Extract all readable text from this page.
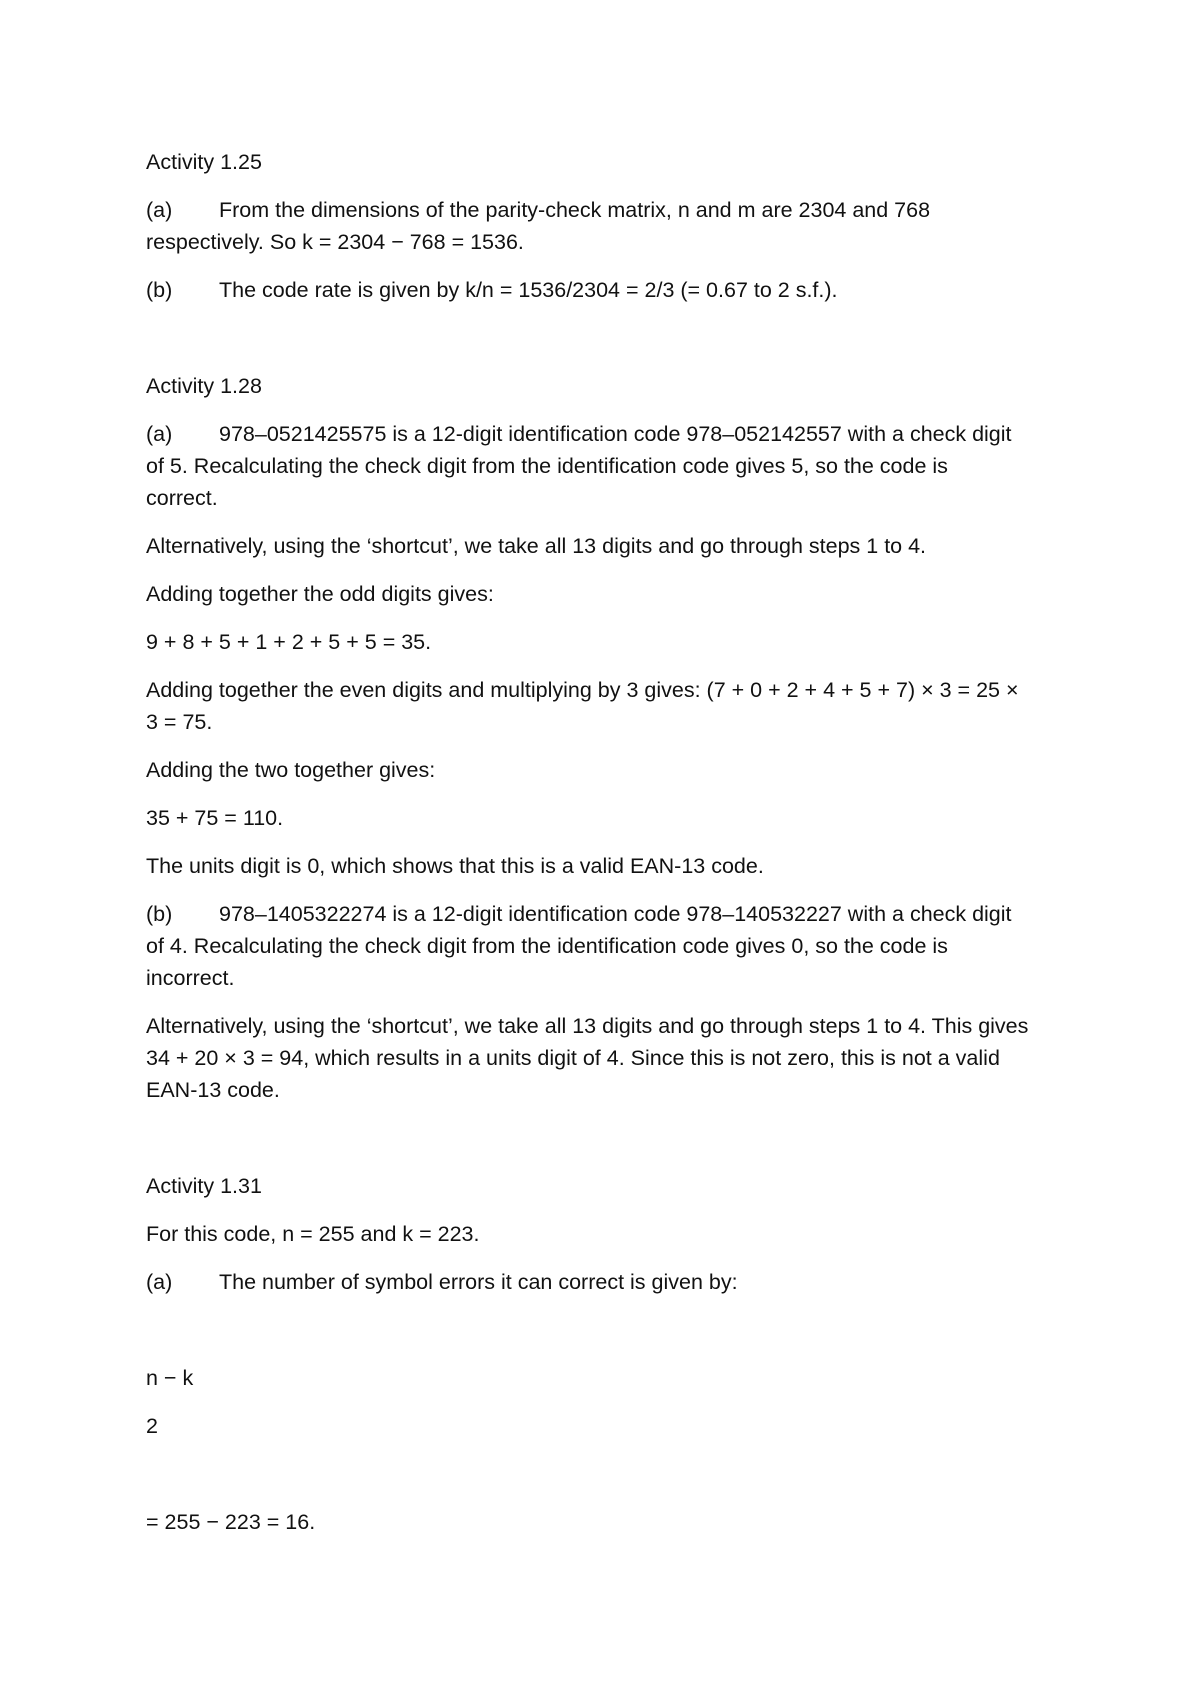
Activity 1.25

(a) From the dimensions of the parity-check matrix, n and m are 2304 and 768

respectively. So k = 2304 − 768 = 1536.

(b) The code rate is given by k/n = 1536/2304 = 2/3 (= 0.67 to 2 s.f.).

Activity 1.28

(a) 978–0521425575 is a 12-digit identification code 978–052142557 with a check digit

of 5. Recalculating the check digit from the identification code gives 5, so the code is

correct.

Alternatively, using the ‘shortcut’, we take all 13 digits and go through steps 1 to 4.

Adding together the odd digits gives:

9 + 8 + 5 + 1 + 2 + 5 + 5 = 35.

Adding together the even digits and multiplying by 3 gives: (7 + 0 + 2 + 4 + 5 + 7) × 3 = 25 ×

3 = 75.

Adding the two together gives:

35 + 75 = 110.

The units digit is 0, which shows that this is a valid EAN-13 code.

(b) 978–1405322274 is a 12-digit identification code 978–140532227 with a check digit

of 4. Recalculating the check digit from the identification code gives 0, so the code is

incorrect.

Alternatively, using the ‘shortcut’, we take all 13 digits and go through steps 1 to 4. This gives

34 + 20 × 3 = 94, which results in a units digit of 4. Since this is not zero, this is not a valid

EAN-13 code.

Activity 1.31

For this code, n = 255 and k = 223.

(a) The number of symbol errors it can correct is given by:

n − k

2

= 255 − 223 = 16.
